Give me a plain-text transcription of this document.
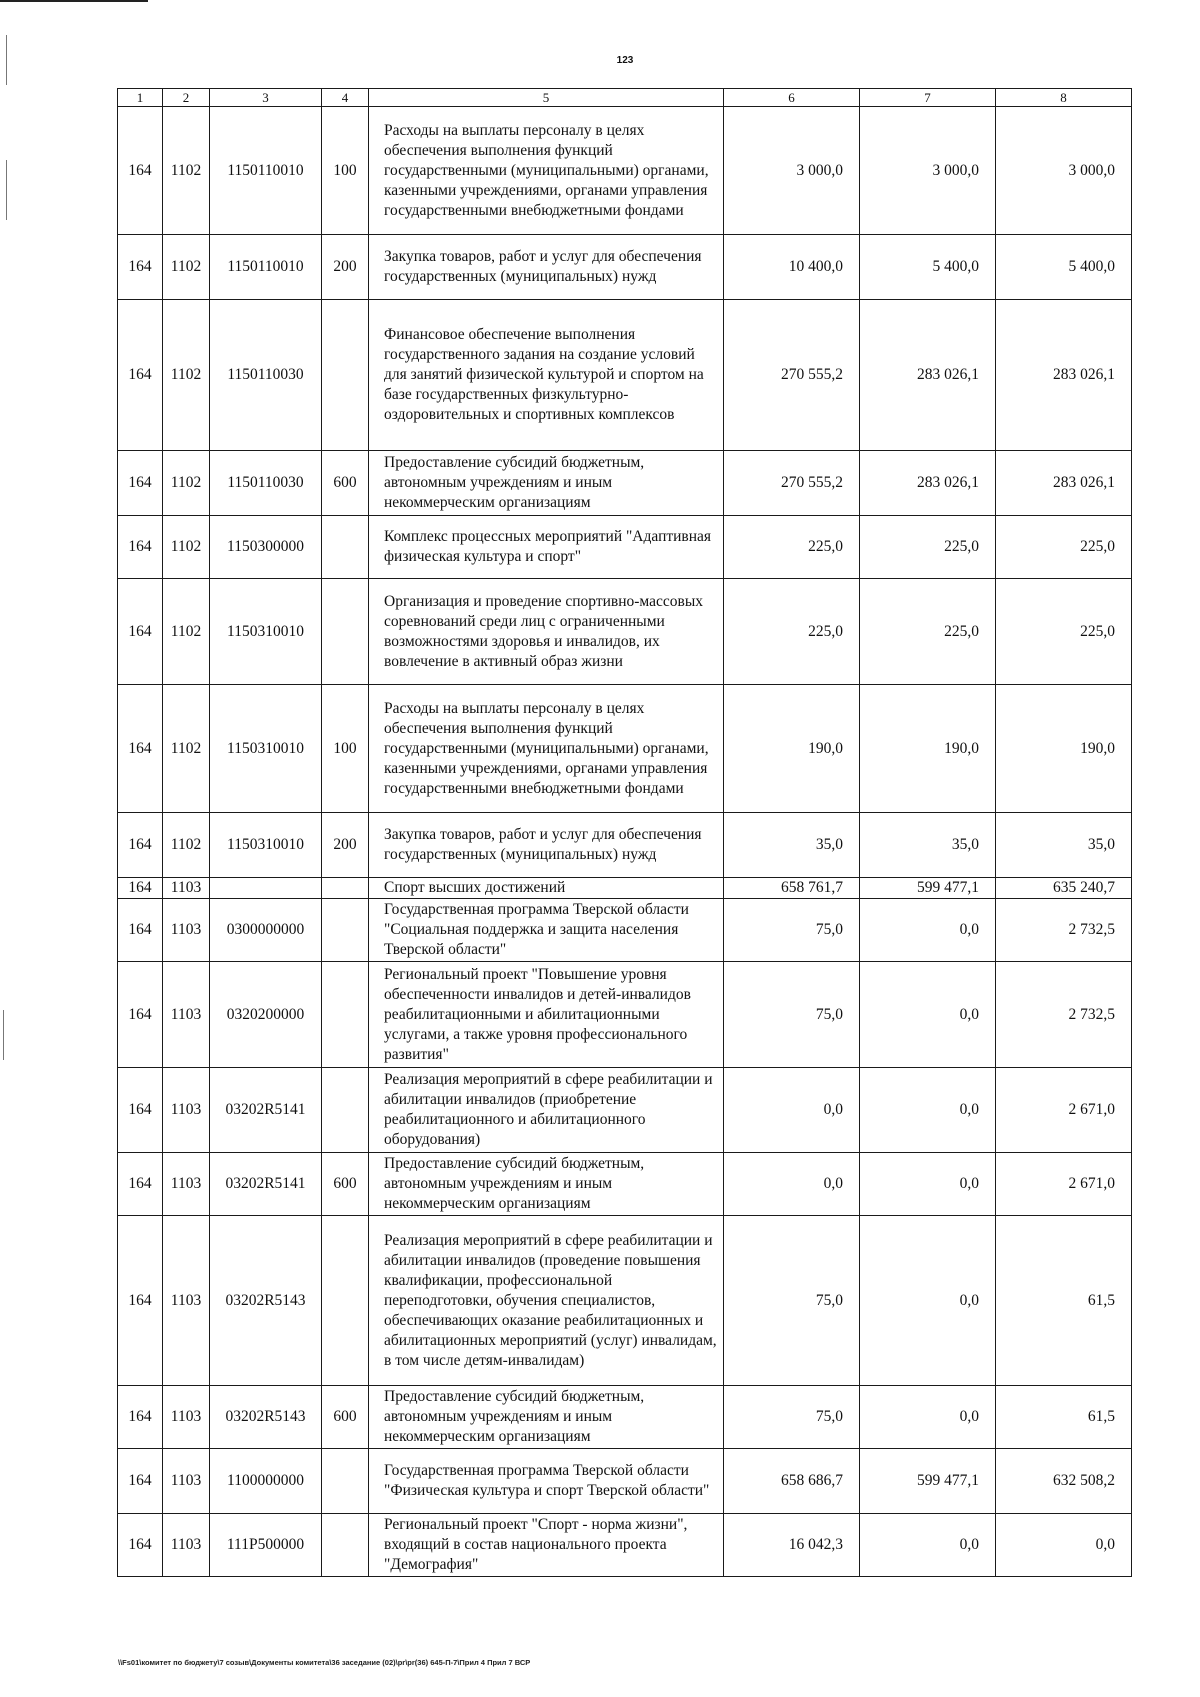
123
1	2	3	4	5	6	7	8
164	1102	1150110010	100	Расходы на выплаты персоналу в целях обеспечения выполнения функций государственными (муниципальными) органами, казенными учреждениями, органами управления государственными внебюджетными фондами	3 000,0	3 000,0	3 000,0
164	1102	1150110010	200	Закупка товаров, работ и услуг для обеспечения государственных (муниципальных) нужд	10 400,0	5 400,0	5 400,0
164	1102	1150110030		Финансовое обеспечение выполнения государственного задания на создание условий для занятий физической культурой и спортом на базе государственных физкультурно-оздоровительных и спортивных комплексов	270 555,2	283 026,1	283 026,1
164	1102	1150110030	600	Предоставление субсидий бюджетным, автономным учреждениям и иным некоммерческим организациям	270 555,2	283 026,1	283 026,1
164	1102	1150300000		Комплекс процессных мероприятий "Адаптивная физическая культура и спорт"	225,0	225,0	225,0
164	1102	1150310010		Организация и проведение спортивно-массовых соревнований среди лиц с ограниченными возможностями здоровья и инвалидов, их вовлечение в активный образ жизни	225,0	225,0	225,0
164	1102	1150310010	100	Расходы на выплаты персоналу в целях обеспечения выполнения функций государственными (муниципальными) органами, казенными учреждениями, органами управления государственными внебюджетными фондами	190,0	190,0	190,0
164	1102	1150310010	200	Закупка товаров, работ и услуг для обеспечения государственных (муниципальных) нужд	35,0	35,0	35,0
164	1103			Спорт высших достижений	658 761,7	599 477,1	635 240,7
164	1103	0300000000		Государственная программа Тверской области "Социальная поддержка и защита населения Тверской области"	75,0	0,0	2 732,5
164	1103	0320200000		Региональный проект "Повышение уровня обеспеченности инвалидов и детей-инвалидов реабилитационными и абилитационными услугами, а также уровня профессионального развития"	75,0	0,0	2 732,5
164	1103	03202R5141		Реализация мероприятий в сфере реабилитации и абилитации инвалидов (приобретение реабилитационного и абилитационного оборудования)	0,0	0,0	2 671,0
164	1103	03202R5141	600	Предоставление субсидий бюджетным, автономным учреждениям и иным некоммерческим организациям	0,0	0,0	2 671,0
164	1103	03202R5143		Реализация мероприятий в сфере реабилитации и абилитации инвалидов (проведение повышения квалификации, профессиональной переподготовки, обучения специалистов, обеспечивающих оказание реабилитационных и абилитационных мероприятий (услуг) инвалидам, в том числе детям-инвалидам)	75,0	0,0	61,5
164	1103	03202R5143	600	Предоставление субсидий бюджетным, автономным учреждениям и иным некоммерческим организациям	75,0	0,0	61,5
164	1103	1100000000		Государственная программа Тверской области "Физическая культура и спорт Тверской области"	658 686,7	599 477,1	632 508,2
164	1103	111P500000		Региональный проект "Спорт - норма жизни", входящий в состав национального проекта "Демография"	16 042,3	0,0	0,0
\\Fs01\комитет по бюджету\7 созыв\Документы комитета\36 заседание (02)\pr\pr(36) 645-П-7\Прил 4 Прил 7 ВСР
